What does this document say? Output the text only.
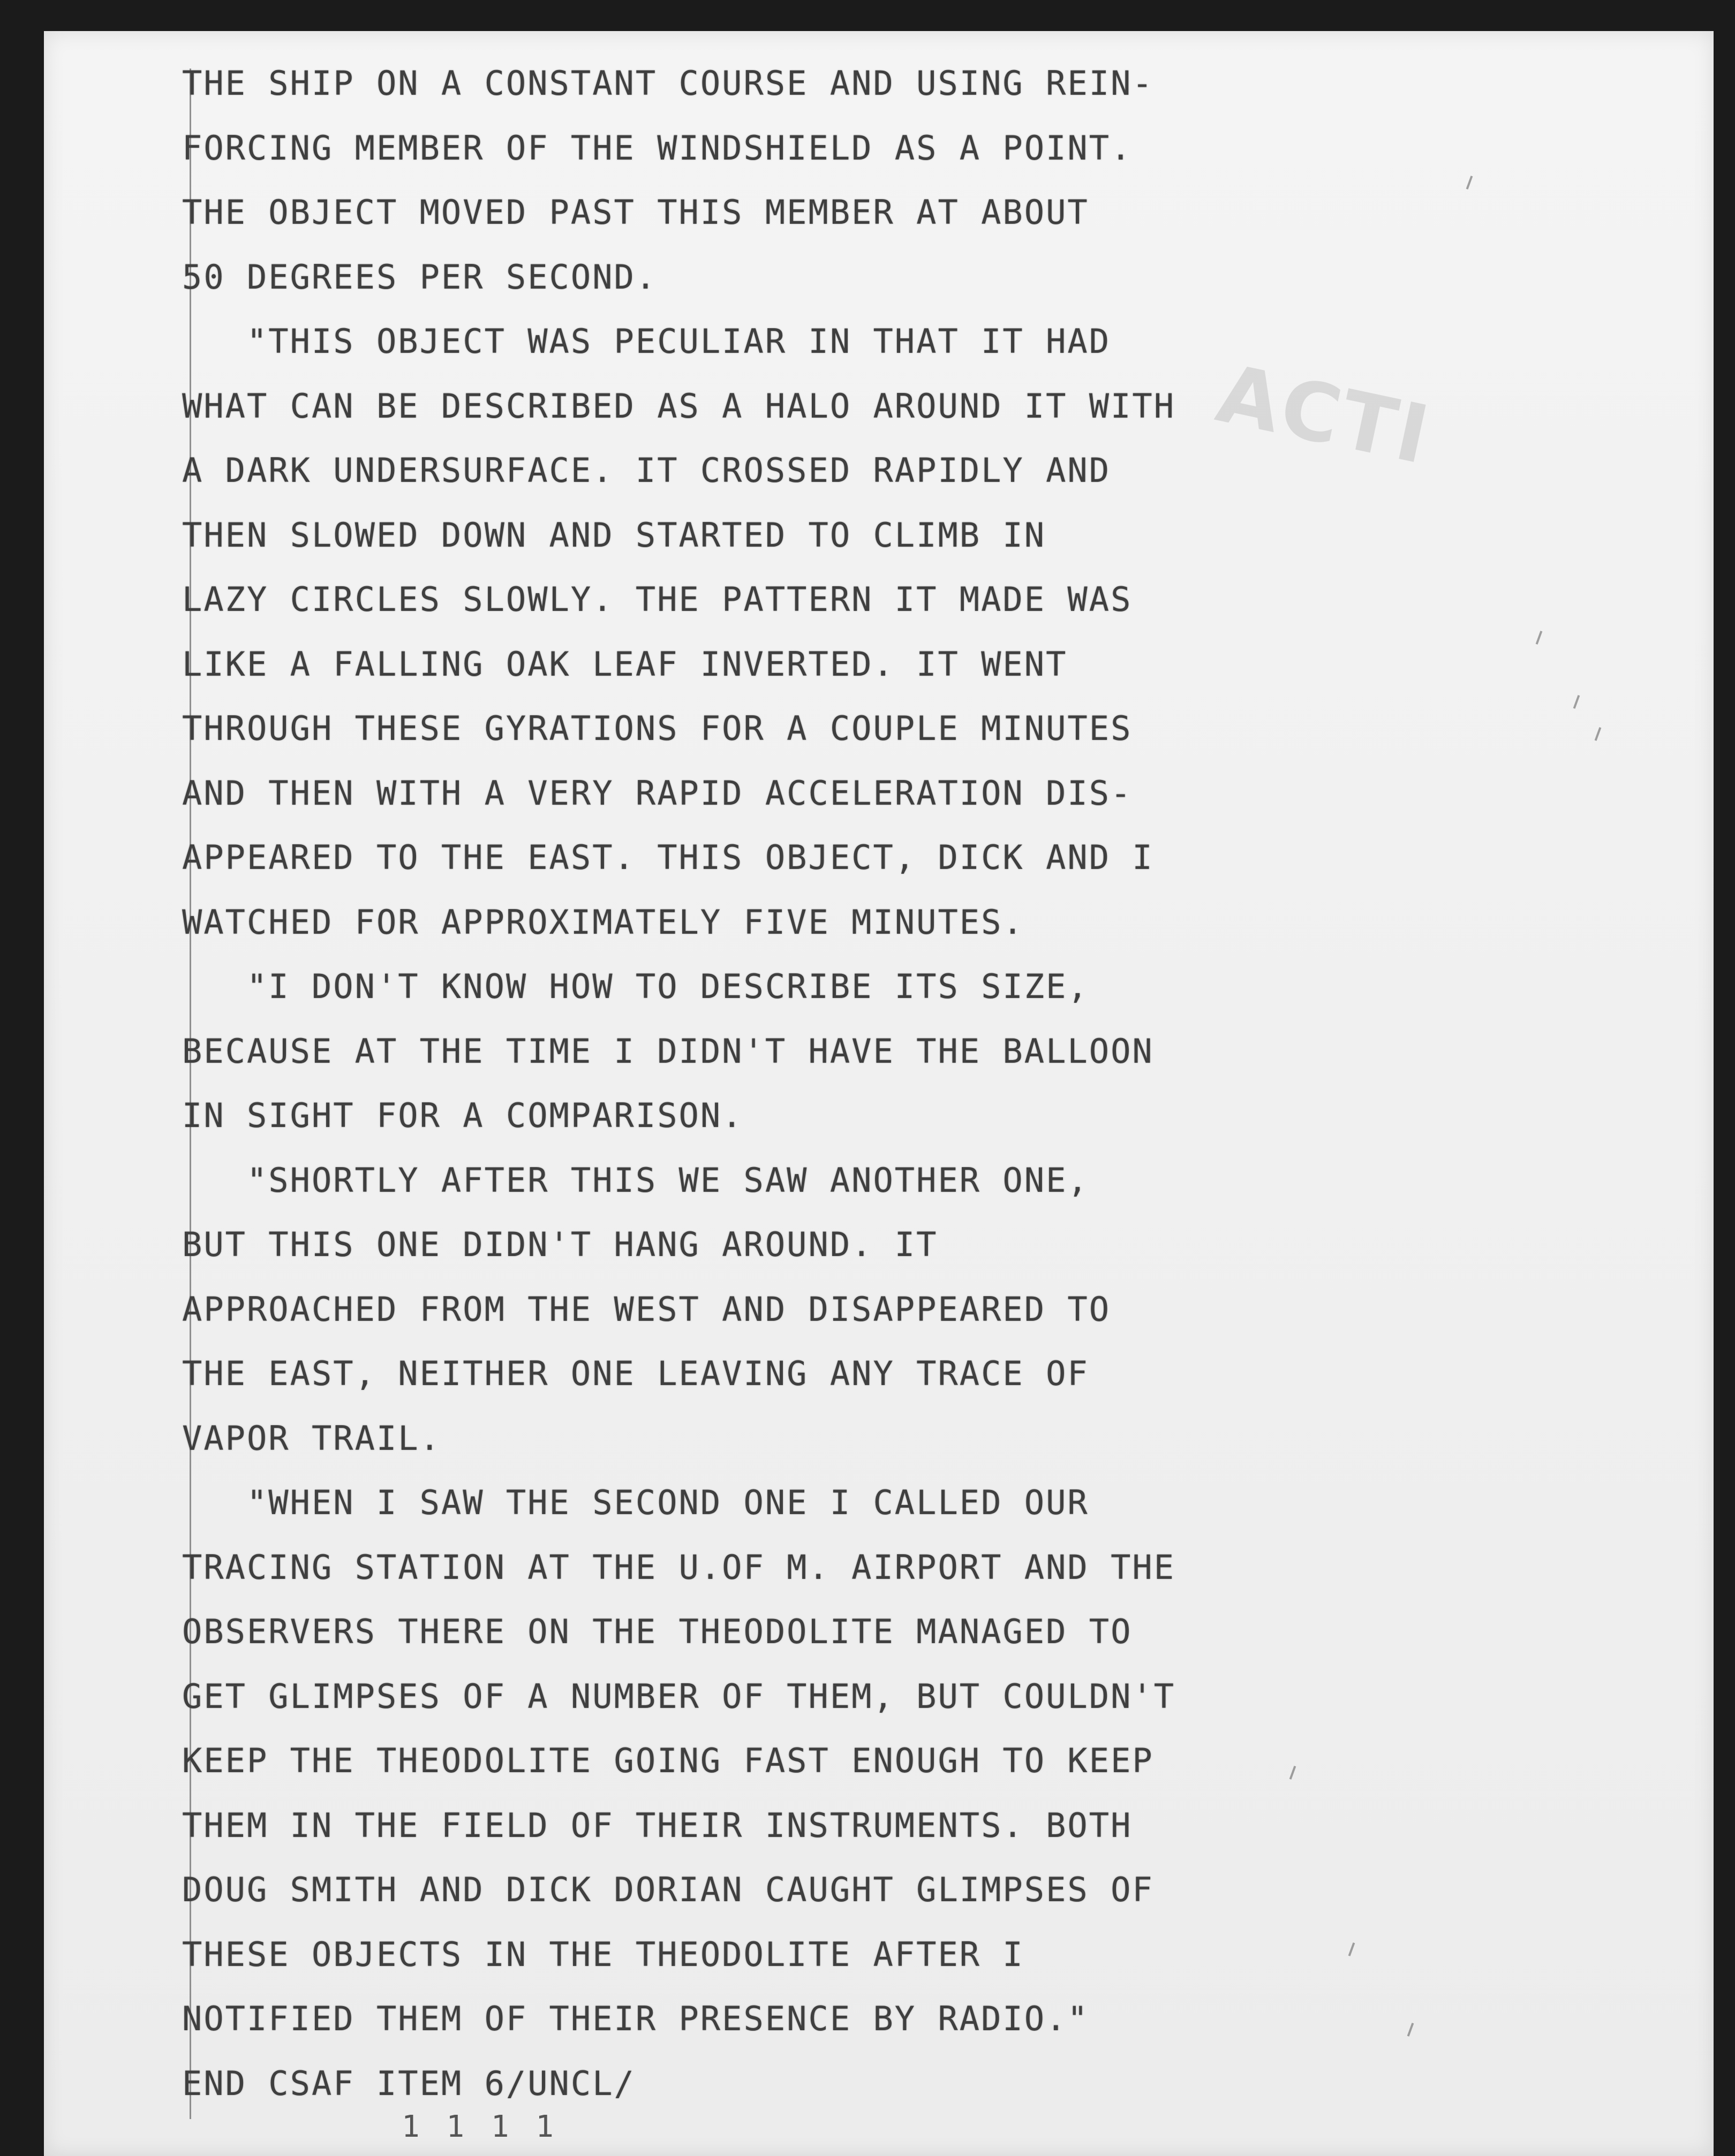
ACTI
THE SHIP ON A CONSTANT COURSE AND USING REIN-
FORCING MEMBER OF THE WINDSHIELD AS A POINT.
THE OBJECT MOVED PAST THIS MEMBER AT ABOUT
50 DEGREES PER SECOND.
"THIS OBJECT WAS PECULIAR IN THAT IT HAD
WHAT CAN BE DESCRIBED AS A HALO AROUND IT WITH
A DARK UNDERSURFACE. IT CROSSED RAPIDLY AND
THEN SLOWED DOWN AND STARTED TO CLIMB IN
LAZY CIRCLES SLOWLY. THE PATTERN IT MADE WAS
LIKE A FALLING OAK LEAF INVERTED. IT WENT
THROUGH THESE GYRATIONS FOR A COUPLE MINUTES
AND THEN WITH A VERY RAPID ACCELERATION DIS-
APPEARED TO THE EAST. THIS OBJECT, DICK AND I
WATCHED FOR APPROXIMATELY FIVE MINUTES.
"I DON'T KNOW HOW TO DESCRIBE ITS SIZE,
BECAUSE AT THE TIME I DIDN'T HAVE THE BALLOON
IN SIGHT FOR A COMPARISON.
"SHORTLY AFTER THIS WE SAW ANOTHER ONE,
BUT THIS ONE DIDN'T HANG AROUND. IT
APPROACHED FROM THE WEST AND DISAPPEARED TO
THE EAST, NEITHER ONE LEAVING ANY TRACE OF
VAPOR TRAIL.
"WHEN I SAW THE SECOND ONE I CALLED OUR
TRACING STATION AT THE U.OF M. AIRPORT AND THE
OBSERVERS THERE ON THE THEODOLITE MANAGED TO
GET GLIMPSES OF A NUMBER OF THEM, BUT COULDN'T
KEEP THE THEODOLITE GOING FAST ENOUGH TO KEEP
THEM IN THE FIELD OF THEIR INSTRUMENTS. BOTH
DOUG SMITH AND DICK DORIAN CAUGHT GLIMPSES OF
THESE OBJECTS IN THE THEODOLITE AFTER I
NOTIFIED THEM OF THEIR PRESENCE BY RADIO."
END CSAF ITEM 6/UNCL/
1 1 1 1
